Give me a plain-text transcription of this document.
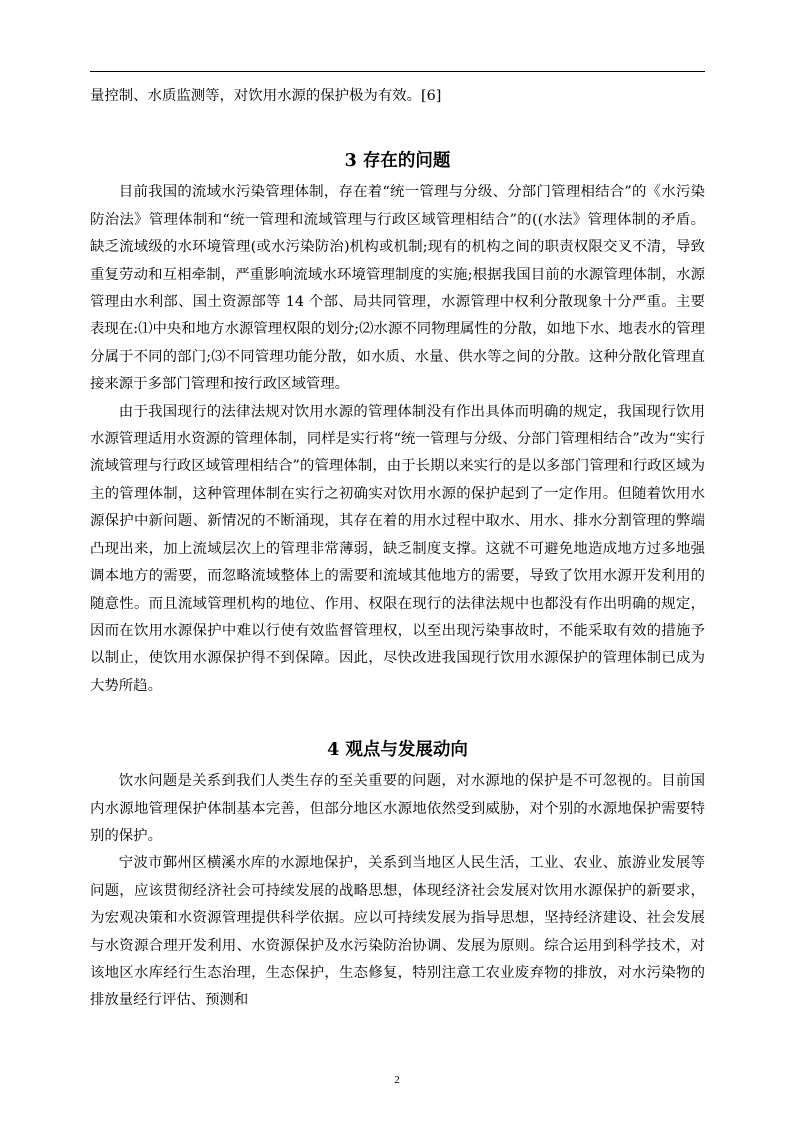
量控制、水质监测等，对饮用水源的保护极为有效。[6]

3 存在的问题

目前我国的流域水污染管理体制，存在着“统一管理与分级、分部门管理相结合”的《水污染防治法》管理体制和“统一管理和流域管理与行政区域管理相结合”的((水法》管理体制的矛盾。缺乏流域级的水环境管理(或水污染防治)机构或机制;现有的机构之间的职责权限交叉不清，导致重复劳动和互相牵制，严重影响流域水环境管理制度的实施;根据我国目前的水源管理体制，水源管理由水利部、国土资源部等 14 个部、局共同管理，水源管理中权利分散现象十分严重。主要表现在:⑴中央和地方水源管理权限的划分;⑵水源不同物理属性的分散，如地下水、地表水的管理分属于不同的部门;⑶不同管理功能分散，如水质、水量、供水等之间的分散。这种分散化管理直接来源于多部门管理和按行政区域管理。

由于我国现行的法律法规对饮用水源的管理体制没有作出具体而明确的规定，我国现行饮用水源管理适用水资源的管理体制，同样是实行将“统一管理与分级、分部门管理相结合”改为“实行流域管理与行政区域管理相结合”的管理体制，由于长期以来实行的是以多部门管理和行政区域为主的管理体制，这种管理体制在实行之初确实对饮用水源的保护起到了一定作用。但随着饮用水源保护中新问题、新情况的不断涌现，其存在着的用水过程中取水、用水、排水分割管理的弊端凸现出来，加上流域层次上的管理非常薄弱，缺乏制度支撑。这就不可避免地造成地方过多地强调本地方的需要，而忽略流域整体上的需要和流域其他地方的需要，导致了饮用水源开发利用的随意性。而且流域管理机构的地位、作用、权限在现行的法律法规中也都没有作出明确的规定，因而在饮用水源保护中难以行使有效监督管理权，以至出现污染事故时，不能采取有效的措施予以制止，使饮用水源保护得不到保障。因此，尽快改进我国现行饮用水源保护的管理体制已成为大势所趋。

4 观点与发展动向

饮水问题是关系到我们人类生存的至关重要的问题，对水源地的保护是不可忽视的。目前国内水源地管理保护体制基本完善，但部分地区水源地依然受到威胁，对个别的水源地保护需要特别的保护。

宁波市鄞州区横溪水库的水源地保护，关系到当地区人民生活，工业、农业、旅游业发展等问题，应该贯彻经济社会可持续发展的战略思想，体现经济社会发展对饮用水源保护的新要求，为宏观决策和水资源管理提供科学依据。应以可持续发展为指导思想，坚持经济建设、社会发展与水资源合理开发利用、水资源保护及水污染防治协调、发展为原则。综合运用到科学技术，对该地区水库经行生态治理，生态保护，生态修复，特别注意工农业废弃物的排放，对水污染物的排放量经行评估、预测和

2
